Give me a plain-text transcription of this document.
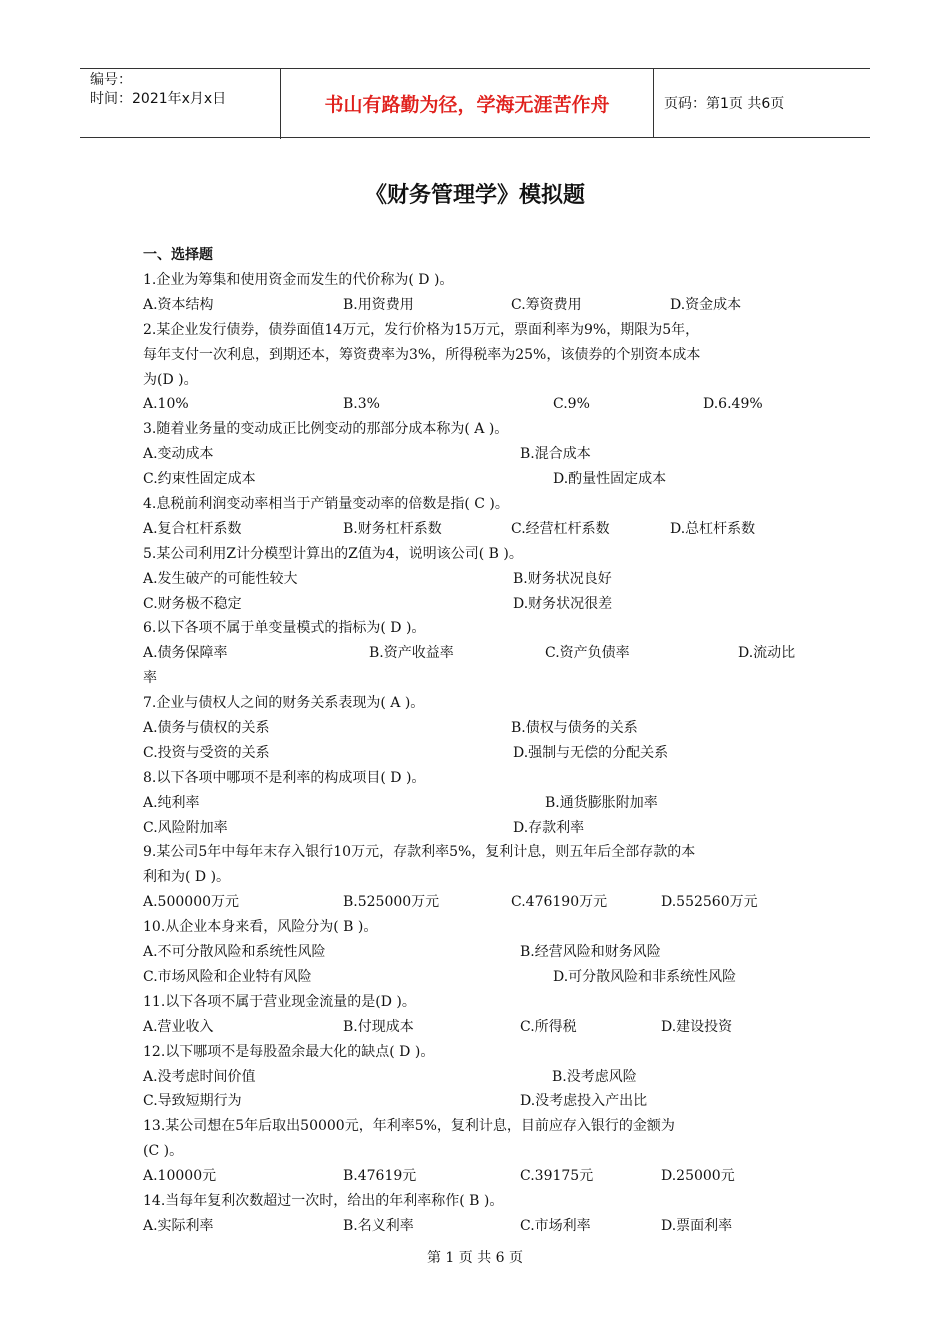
编号：
时间：2021年x月x日	书山有路勤为径，学海无涯苦作舟	页码：第1页 共6页
《财务管理学》模拟题
一、选择题
1.企业为筹集和使用资金而发生的代价称为( D )。
A.资本结构	B.用资费用	C.筹资费用	D.资金成本
2.某企业发行债券，债券面值14万元，发行价格为15万元，票面利率为9%，期限为5年，
每年支付一次利息，到期还本，筹资费率为3%，所得税率为25%，该债券的个别资本成本
为(D )。
A.10%	B.3%	C.9%	D.6.49%
3.随着业务量的变动成正比例变动的那部分成本称为( A )。
A.变动成本	B.混合成本
C.约束性固定成本	D.酌量性固定成本
4.息税前利润变动率相当于产销量变动率的倍数是指( C )。
A.复合杠杆系数	B.财务杠杆系数	C.经营杠杆系数	D.总杠杆系数
5.某公司利用Z计分模型计算出的Z值为4，说明该公司( B )。
A.发生破产的可能性较大	B.财务状况良好
C.财务极不稳定	D.财务状况很差
6.以下各项不属于单变量模式的指标为( D )。
A.债务保障率	B.资产收益率	C.资产负债率	D.流动比
率
7.企业与债权人之间的财务关系表现为( A )。
A.债务与债权的关系	B.债权与债务的关系
C.投资与受资的关系	D.强制与无偿的分配关系
8.以下各项中哪项不是利率的构成项目( D )。
A.纯利率	B.通货膨胀附加率
C.风险附加率	D.存款利率
9.某公司5年中每年末存入银行10万元，存款利率5%，复利计息，则五年后全部存款的本
利和为( D )。
A.500000万元	B.525000万元	C.476190万元	D.552560万元
10.从企业本身来看，风险分为( B )。
A.不可分散风险和系统性风险	B.经营风险和财务风险
C.市场风险和企业特有风险	D.可分散风险和非系统性风险
11.以下各项不属于营业现金流量的是(D )。
A.营业收入	B.付现成本	C.所得税	D.建设投资
12.以下哪项不是每股盈余最大化的缺点( D )。
A.没考虑时间价值	B.没考虑风险
C.导致短期行为	D.没考虑投入产出比
13.某公司想在5年后取出50000元，年利率5%，复利计息，目前应存入银行的金额为
(C )。
A.10000元	B.47619元	C.39175元	D.25000元
14.当每年复利次数超过一次时，给出的年利率称作( B )。
A.实际利率	B.名义利率	C.市场利率	D.票面利率
第 1 页 共 6 页
